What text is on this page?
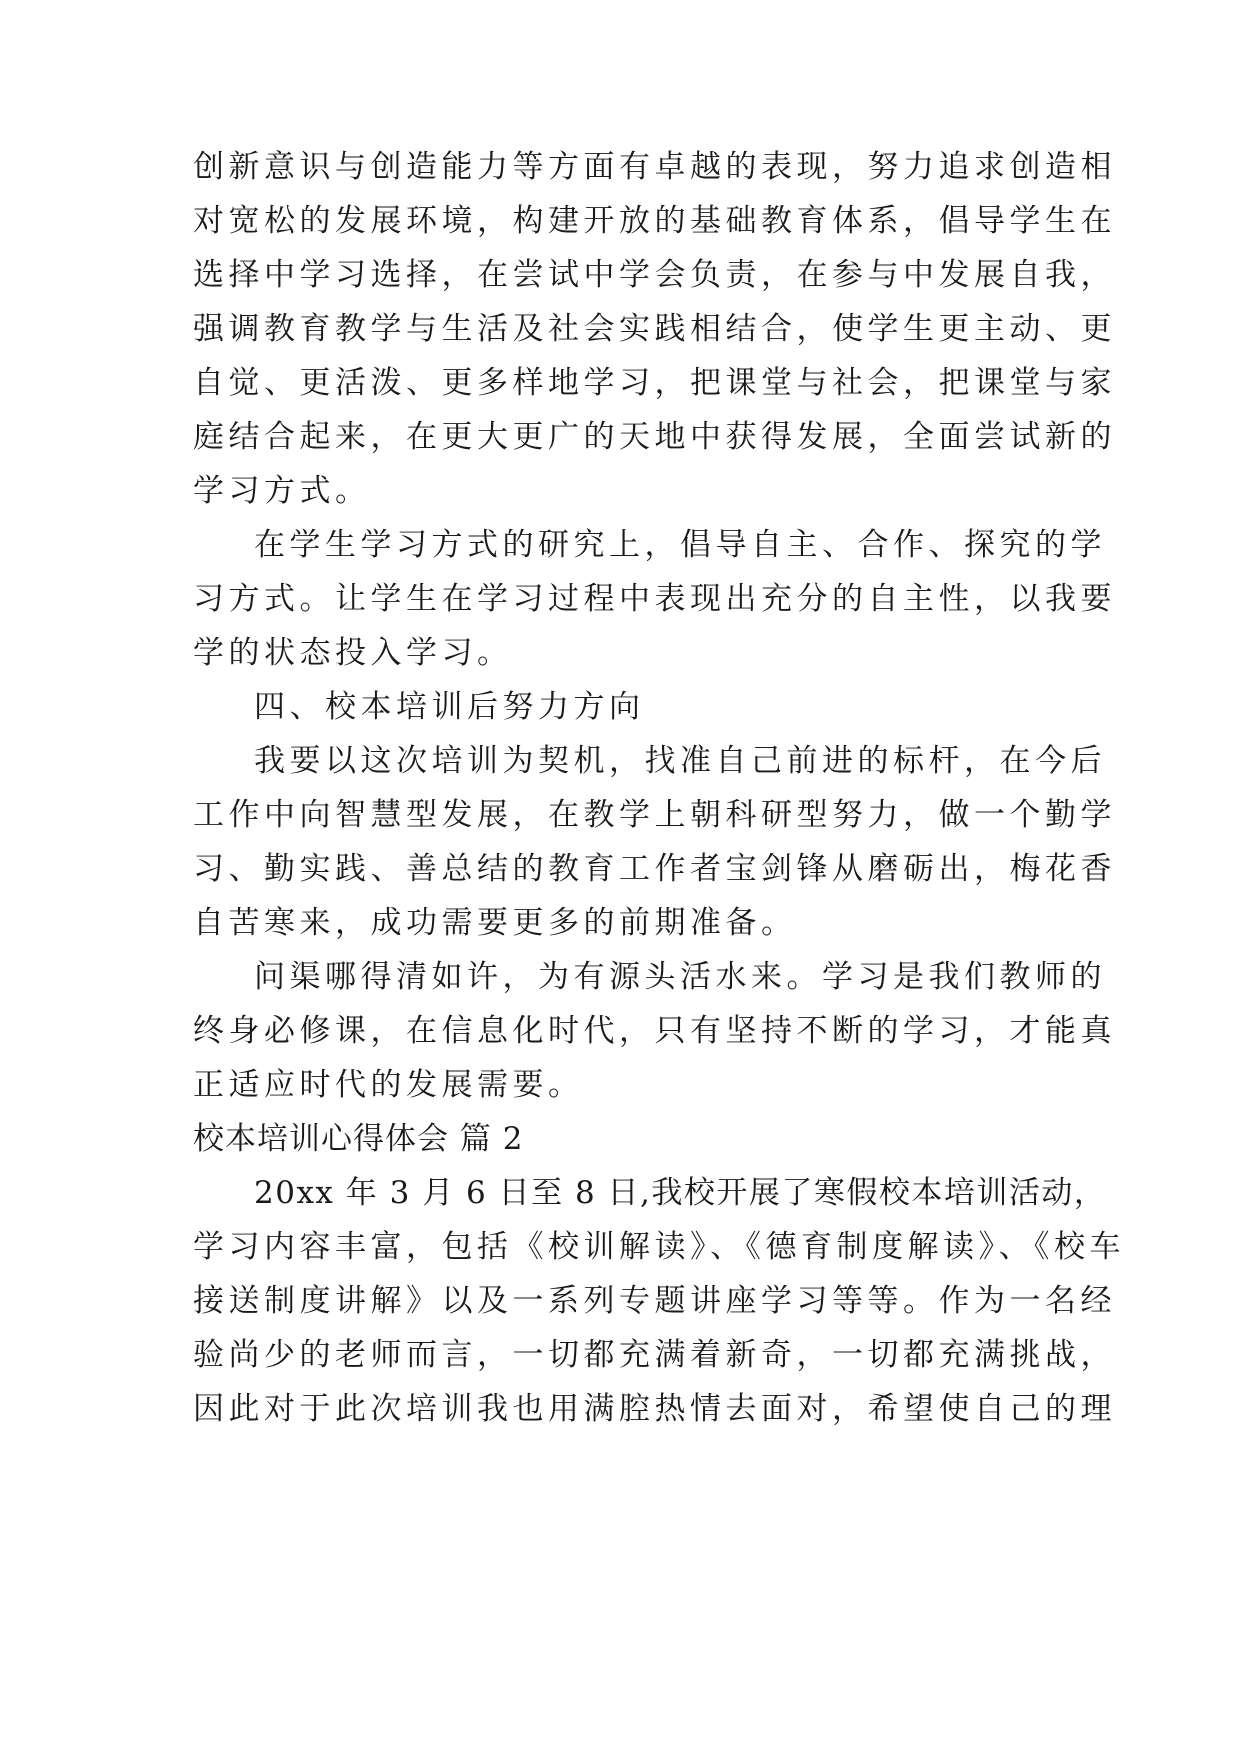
创新意识与创造能力等方面有卓越的表现，努力追求创造相

对宽松的发展环境，构建开放的基础教育体系，倡导学生在

选择中学习选择，在尝试中学会负责，在参与中发展自我，

强调教育教学与生活及社会实践相结合，使学生更主动、更

自觉、更活泼、更多样地学习，把课堂与社会，把课堂与家

庭结合起来，在更大更广的天地中获得发展，全面尝试新的

学习方式。

在学生学习方式的研究上，倡导自主、合作、探究的学

习方式。让学生在学习过程中表现出充分的自主性，以我要

学的状态投入学习。

四、校本培训后努力方向

我要以这次培训为契机，找准自己前进的标杆，在今后

工作中向智慧型发展，在教学上朝科研型努力，做一个勤学

习、勤实践、善总结的教育工作者宝剑锋从磨砺出，梅花香

自苦寒来，成功需要更多的前期准备。

问渠哪得清如许，为有源头活水来。学习是我们教师的

终身必修课，在信息化时代，只有坚持不断的学习，才能真

正适应时代的发展需要。

校本培训心得体会 篇 2

20xx 年 3 月 6 日至 8 日,我校开展了寒假校本培训活动，

学习内容丰富，包括《校训解读》、《德育制度解读》、《校车

接送制度讲解》以及一系列专题讲座学习等等。作为一名经

验尚少的老师而言，一切都充满着新奇，一切都充满挑战，

因此对于此次培训我也用满腔热情去面对，希望使自己的理
